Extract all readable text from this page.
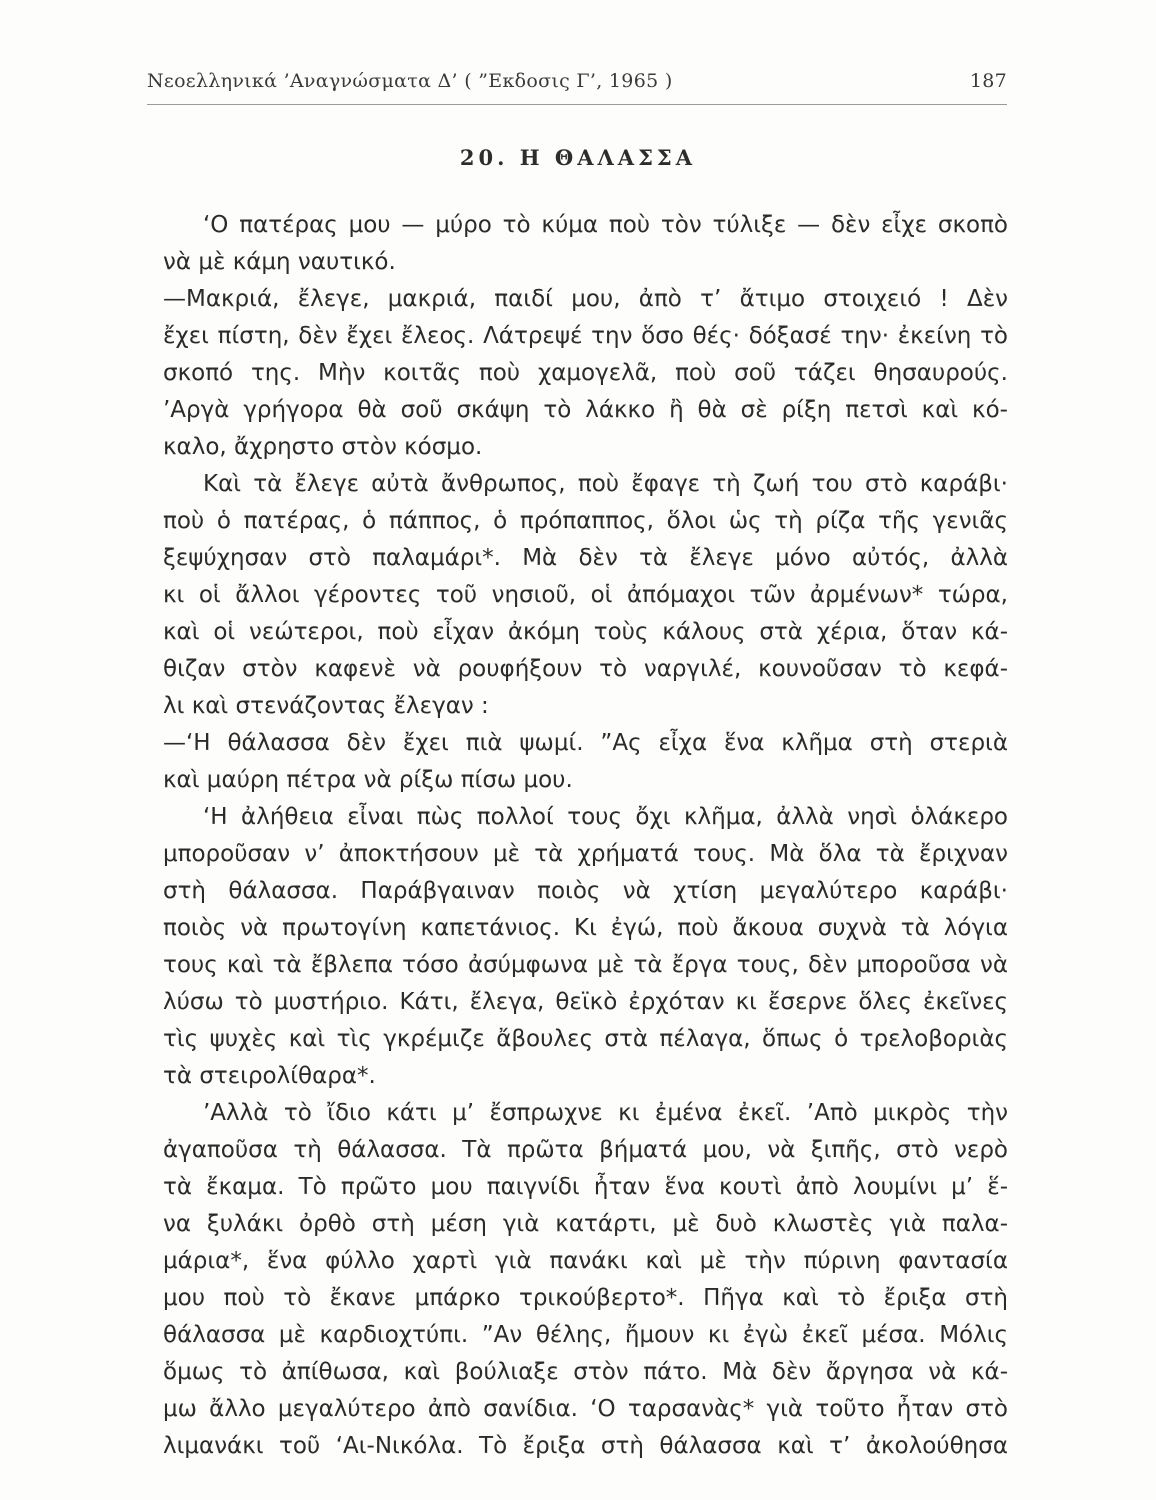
Νεοελληνικά ’Αναγνώσματα Δ’ ( ”Εκδοσις Γ’, 1965 )	187
20. Η ΘΑΛΑΣΣΑ
‘Ο πατέρας μου — μύρο τὸ κύμα ποὺ τὸν τύλιξε — δὲν εἶχε σκοπὸ
νὰ μὲ κάμη ναυτικό.
—Μακριά, ἔλεγε, μακριά, παιδί μου, ἀπὸ τ’ ἄτιμο στοιχειό ! Δὲν
ἔχει πίστη, δὲν ἔχει ἔλεος. Λάτρεψέ την ὅσο θές· δόξασέ την· ἐκείνη τὸ
σκοπό της. Μὴν κοιτᾶς ποὺ χαμογελᾶ, ποὺ σοῦ τάζει θησαυρούς.
’Αργὰ γρήγορα θὰ σοῦ σκάψη τὸ λάκκο ἢ θὰ σὲ ρίξη πετσὶ καὶ κό-
καλο, ἄχρηστο στὸν κόσμο.
Καὶ τὰ ἔλεγε αὐτὰ ἄνθρωπος, ποὺ ἔφαγε τὴ ζωή του στὸ καράβι·
ποὺ ὁ πατέρας, ὁ πάππος, ὁ πρόπαππος, ὅλοι ὡς τὴ ρίζα τῆς γενιᾶς
ξεψύχησαν στὸ παλαμάρι*. Μὰ δὲν τὰ ἔλεγε μόνο αὐτός, ἀλλὰ
κι οἱ ἄλλοι γέροντες τοῦ νησιοῦ, οἱ ἀπόμαχοι τῶν ἀρμένων* τώρα,
καὶ οἱ νεώτεροι, ποὺ εἶχαν ἀκόμη τοὺς κάλους στὰ χέρια, ὅταν κά-
θιζαν στὸν καφενὲ νὰ ρουφήξουν τὸ ναργιλέ, κουνοῦσαν τὸ κεφά-
λι καὶ στενάζοντας ἔλεγαν :
—‘Η θάλασσα δὲν ἔχει πιὰ ψωμί. ”Ας εἶχα ἕνα κλῆμα στὴ στεριὰ
καὶ μαύρη πέτρα νὰ ρίξω πίσω μου.
‘Η ἀλήθεια εἶναι πὼς πολλοί τους ὄχι κλῆμα, ἀλλὰ νησὶ ὁλάκερο
μποροῦσαν ν’ ἀποκτήσουν μὲ τὰ χρήματά τους. Μὰ ὅλα τὰ ἔριχναν
στὴ θάλασσα. Παράβγαιναν ποιὸς νὰ χτίση μεγαλύτερο καράβι·
ποιὸς νὰ πρωτογίνη καπετάνιος. Κι ἐγώ, ποὺ ἄκουα συχνὰ τὰ λόγια
τους καὶ τὰ ἔβλεπα τόσο ἀσύμφωνα μὲ τὰ ἔργα τους, δὲν μποροῦσα νὰ
λύσω τὸ μυστήριο. Κάτι, ἔλεγα, θεϊκὸ ἐρχόταν κι ἔσερνε ὅλες ἐκεῖνες
τὶς ψυχὲς καὶ τὶς γκρέμιζε ἄβουλες στὰ πέλαγα, ὅπως ὁ τρελοβοριὰς
τὰ στειρολίθαρα*.
’Αλλὰ τὸ ἴδιο κάτι μ’ ἔσπρωχνε κι ἐμένα ἐκεῖ. ’Απὸ μικρὸς τὴν
ἀγαποῦσα τὴ θάλασσα. Τὰ πρῶτα βήματά μου, νὰ ξιπῆς, στὸ νερὸ
τὰ ἔκαμα. Τὸ πρῶτο μου παιγνίδι ἦταν ἕνα κουτὶ ἀπὸ λουμίνι μ’ ἕ-
να ξυλάκι ὀρθὸ στὴ μέση γιὰ κατάρτι, μὲ δυὸ κλωστὲς γιὰ παλα-
μάρια*, ἕνα φύλλο χαρτὶ γιὰ πανάκι καὶ μὲ τὴν πύρινη φαντασία
μου ποὺ τὸ ἔκανε μπάρκο τρικούβερτο*. Πῆγα καὶ τὸ ἔριξα στὴ
θάλασσα μὲ καρδιοχτύπι. ”Αν θέλης, ἤμουν κι ἐγὼ ἐκεῖ μέσα. Μόλις
ὅμως τὸ ἀπίθωσα, καὶ βούλιαξε στὸν πάτο. Μὰ δὲν ἄργησα νὰ κά-
μω ἄλλο μεγαλύτερο ἀπὸ σανίδια. ‘Ο ταρσανὰς* γιὰ τοῦτο ἦταν στὸ
λιμανάκι τοῦ ‘Αι-Νικόλα. Τὸ ἔριξα στὴ θάλασσα καὶ τ’ ἀκολούθησα
